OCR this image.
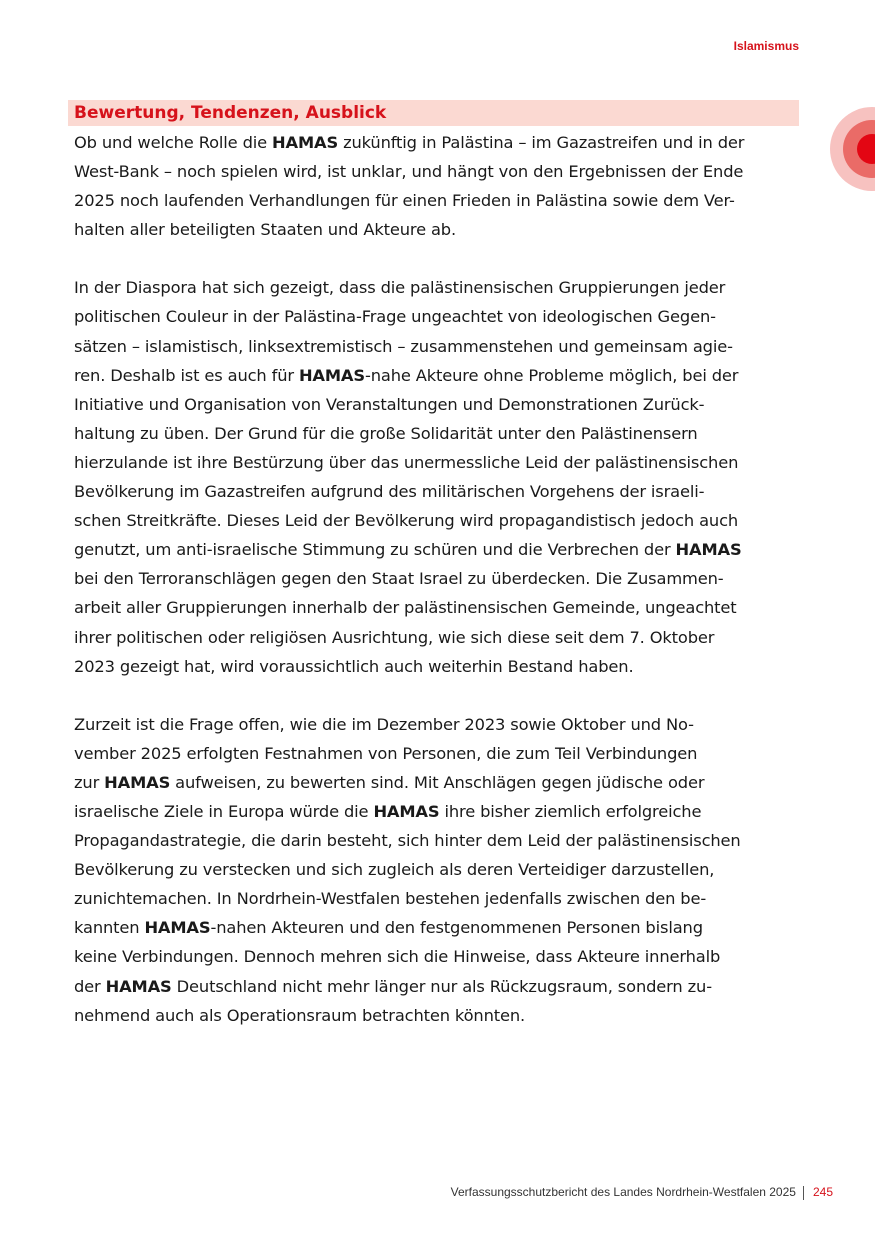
Islamismus
Bewertung, Tendenzen, Ausblick
Ob und welche Rolle die HAMAS zukünftig in Palästina – im Gazastreifen und in der
West-Bank – noch spielen wird, ist unklar, und hängt von den Ergebnissen der Ende
2025 noch laufenden Verhandlungen für einen Frieden in Palästina sowie dem Ver-
halten aller beteiligten Staaten und Akteure ab.
In der Diaspora hat sich gezeigt, dass die palästinensischen Gruppierungen jeder
politischen Couleur in der Palästina-Frage ungeachtet von ideologischen Gegen-
sätzen – islamistisch, linksextremistisch – zusammenstehen und gemeinsam agie-
ren. Deshalb ist es auch für HAMAS-nahe Akteure ohne Probleme möglich, bei der
Initiative und Organisation von Veranstaltungen und Demonstrationen Zurück-
haltung zu üben. Der Grund für die große Solidarität unter den Palästinensern
hierzulande ist ihre Bestürzung über das unermessliche Leid der palästinensischen
Bevölkerung im Gazastreifen aufgrund des militärischen Vorgehens der israeli-
schen Streitkräfte. Dieses Leid der Bevölkerung wird propagandistisch jedoch auch
genutzt, um anti-israelische Stimmung zu schüren und die Verbrechen der HAMAS
bei den Terroranschlägen gegen den Staat Israel zu überdecken. Die Zusammen-
arbeit aller Gruppierungen innerhalb der palästinensischen Gemeinde, ungeachtet
ihrer politischen oder religiösen Ausrichtung, wie sich diese seit dem 7. Oktober
2023 gezeigt hat, wird voraussichtlich auch weiterhin Bestand haben.
Zurzeit ist die Frage offen, wie die im Dezember 2023 sowie Oktober und No-
vember 2025 erfolgten Festnahmen von Personen, die zum Teil Verbindungen
zur HAMAS aufweisen, zu bewerten sind. Mit Anschlägen gegen jüdische oder
israelische Ziele in Europa würde die HAMAS ihre bisher ziemlich erfolgreiche
Propagandastrategie, die darin besteht, sich hinter dem Leid der palästinensischen
Bevölkerung zu verstecken und sich zugleich als deren Verteidiger darzustellen,
zunichtemachen. In Nordrhein-Westfalen bestehen jedenfalls zwischen den be-
kannten HAMAS-nahen Akteuren und den festgenommenen Personen bislang
keine Verbindungen. Dennoch mehren sich die Hinweise, dass Akteure innerhalb
der HAMAS Deutschland nicht mehr länger nur als Rückzugsraum, sondern zu-
nehmend auch als Operationsraum betrachten könnten.
Verfassungsschutzbericht des Landes Nordrhein-Westfalen 2025 245
